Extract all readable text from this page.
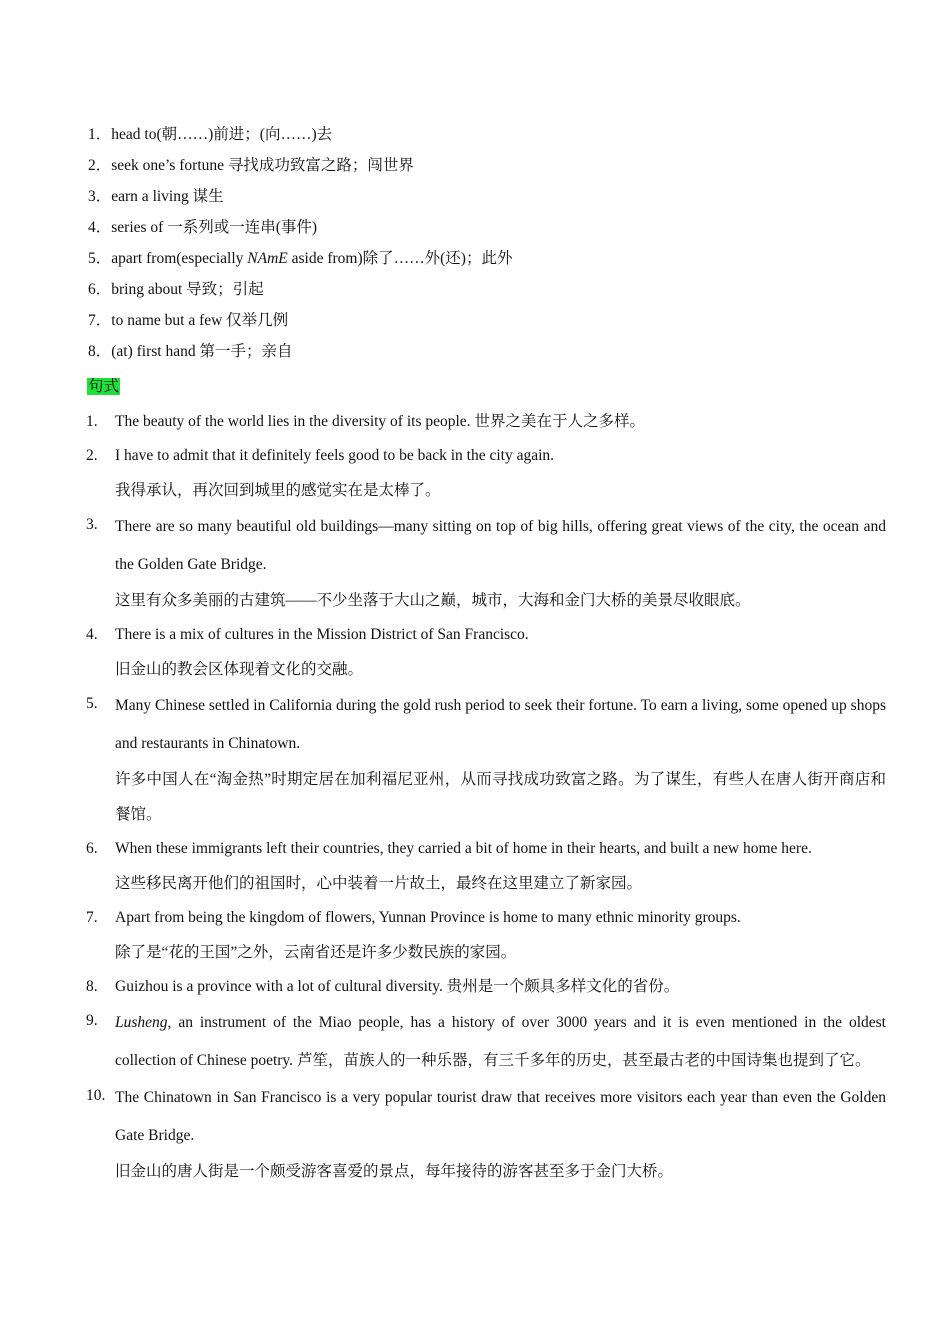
1．head to(朝……)前进；(向……)去
2．seek one’s fortune 寻找成功致富之路；闯世界
3．earn a living 谋生
4．series of 一系列或一连串(事件)
5．apart from(especially NAmE aside from)除了……外(还)；此外
6．bring about 导致；引起
7．to name but a few 仅举几例
8．(at) first hand 第一手；亲自
句式
1. The beauty of the world lies in the diversity of its people. 世界之美在于人之多样。
2. I have to admit that it definitely feels good to be back in the city again.
我得承认，再次回到城里的感觉实在是太棒了。
3. There are so many beautiful old buildings—many sitting on top of big hills, offering great views of the city, the ocean and the Golden Gate Bridge.
这里有众多美丽的古建筑——不少坐落于大山之巅，城市，大海和金门大桥的美景尽收眼底。
4. There is a mix of cultures in the Mission District of San Francisco.
旧金山的教会区体现着文化的交融。
5. Many Chinese settled in California during the gold rush period to seek their fortune. To earn a living, some opened up shops and restaurants in Chinatown.
许多中国人在“淘金热”时期定居在加利福尼亚州，从而寻找成功致富之路。为了谋生，有些人在唐人街开商店和餐馆。
6. When these immigrants left their countries, they carried a bit of home in their hearts, and built a new home here.
这些移民离开他们的祖国时，心中装着一片故土，最终在这里建立了新家园。
7. Apart from being the kingdom of flowers, Yunnan Province is home to many ethnic minority groups.
除了是“花的王国”之外，云南省还是许多少数民族的家园。
8. Guizhou is a province with a lot of cultural diversity. 贵州是一个颇具多样文化的省份。
9. Lusheng, an instrument of the Miao people, has a history of over 3000 years and it is even mentioned in the oldest collection of Chinese poetry. 芦笙，苗族人的一种乐器，有三千多年的历史，甚至最古老的中国诗集也提到了它。
10. The Chinatown in San Francisco is a very popular tourist draw that receives more visitors each year than even the Golden Gate Bridge.
旧金山的唐人街是一个颇受游客喜爱的景点，每年接待的游客甚至多于金门大桥。
